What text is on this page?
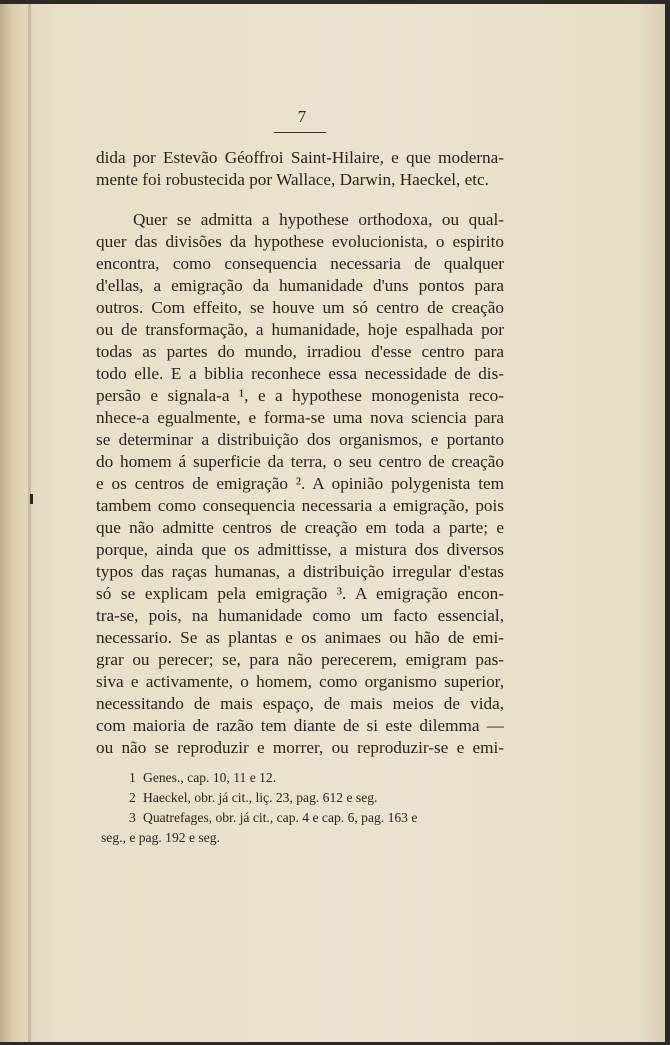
7
dida por Estevão Géoffroi Saint-Hilaire, e que moderna-
mente foi robustecida por Wallace, Darwin, Haeckel, etc.
Quer se admitta a hypothese orthodoxa, ou qual-
quer das divisões da hypothese evolucionista, o espirito
encontra, como consequencia necessaria de qualquer
d'ellas, a emigração da humanidade d'uns pontos para
outros. Com effeito, se houve um só centro de creação
ou de transformação, a humanidade, hoje espalhada por
todas as partes do mundo, irradiou d'esse centro para
todo elle. E a biblia reconhece essa necessidade de dis-
persão e signala-a ¹, e a hypothese monogenista reco-
nhece-a egualmente, e forma-se uma nova sciencia para
se determinar a distribuição dos organismos, e portanto
do homem á superficie da terra, o seu centro de creação
e os centros de emigração ². A opinião polygenista tem
tambem como consequencia necessaria a emigração, pois
que não admitte centros de creação em toda a parte; e
porque, ainda que os admittisse, a mistura dos diversos
typos das raças humanas, a distribuição irregular d'estas
só se explicam pela emigração ³. A emigração encon-
tra-se, pois, na humanidade como um facto essencial,
necessario. Se as plantas e os animaes ou hão de emi-
grar ou perecer; se, para não perecerem, emigram pas-
siva e activamente, o homem, como organismo superior,
necessitando de mais espaço, de mais meios de vida,
com maioria de razão tem diante de si este dilemma —
ou não se reproduzir e morrer, ou reproduzir-se e emi-
1 Genes., cap. 10, 11 e 12.
2 Haeckel, obr. já cit., liç. 23, pag. 612 e seg.
3 Quatrefages, obr. já cit., cap. 4 e cap. 6, pag. 163 e
seg., e pag. 192 e seg.
